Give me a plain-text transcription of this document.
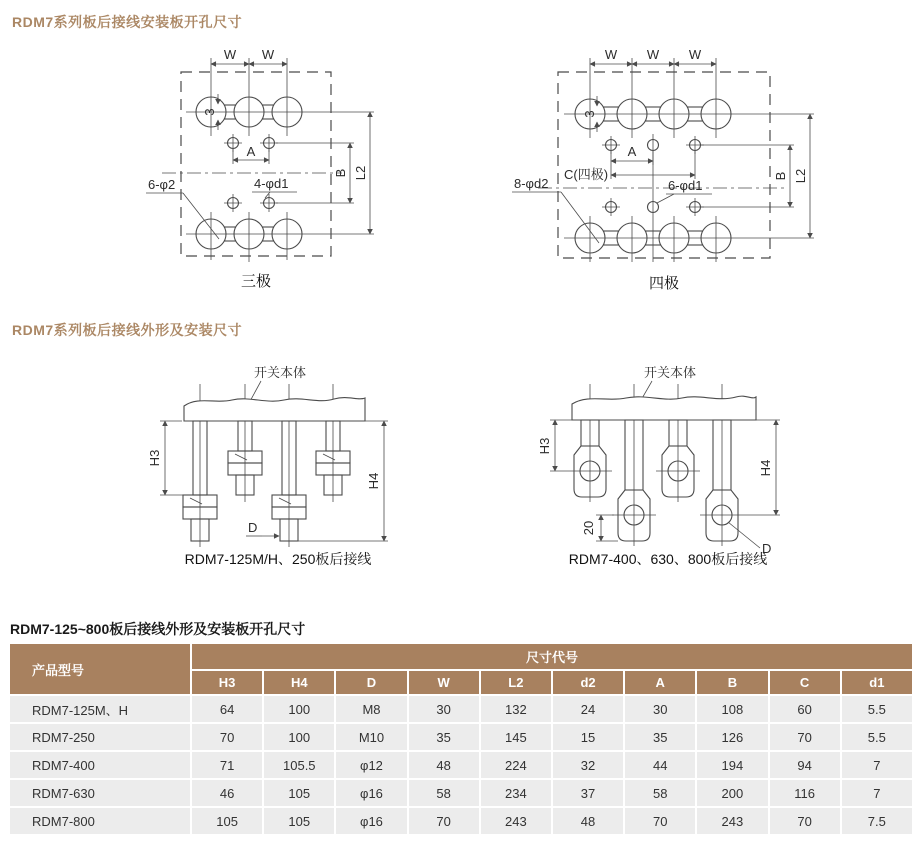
RDM7系列板后接线安装板开孔尺寸
W W
3
A
B L2
6-φ2	4-φd1
三极
W W W
3
A
C(四极)	B L2
8-φd2	6-φd1
四极
RDM7系列板后接线外形及安装尺寸
开关本体
H3
H4
D
RDM7-125M/H、250板后接线
开关本体
H3
H4
20
D
RDM7-400、630、800板后接线
RDM7-125~800板后接线外形及安装板开孔尺寸
产品型号	尺寸代号									
	H3	H4	D	W	L2	d2	A	B	C	d1
RDM7-125M、H	64	100	M8	30	132	24	30	108	60	5.5
RDM7-250	70	100	M10	35	145	15	35	126	70	5.5
RDM7-400	71	105.5	φ12	48	224	32	44	194	94	7
RDM7-630	46	105	φ16	58	234	37	58	200	116	7
RDM7-800	105	105	φ16	70	243	48	70	243	70	7.5
